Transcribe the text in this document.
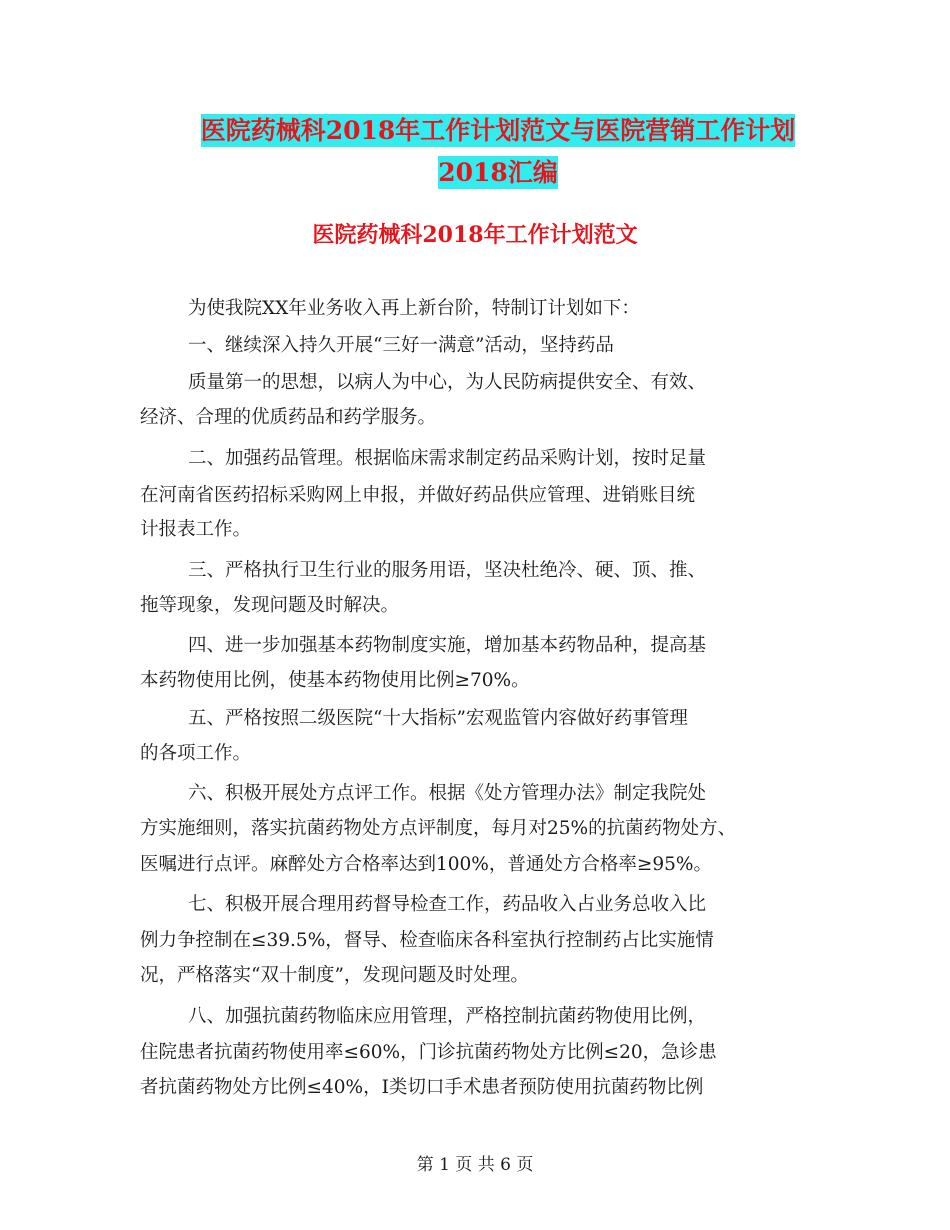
医院药械科2018年工作计划范文与医院营销工作计划
2018汇编
医院药械科2018年工作计划范文
为使我院XX年业务收入再上新台阶，特制订计划如下：
一、继续深入持久开展“三好一满意”活动，坚持药品
质量第一的思想，以病人为中心，为人民防病提供安全、有效、
经济、合理的优质药品和药学服务。
二、加强药品管理。根据临床需求制定药品采购计划，按时足量
在河南省医药招标采购网上申报，并做好药品供应管理、进销账目统
计报表工作。
三、严格执行卫生行业的服务用语，坚决杜绝冷、硬、顶、推、
拖等现象，发现问题及时解决。
四、进一步加强基本药物制度实施，增加基本药物品种，提高基
本药物使用比例，使基本药物使用比例≥70%。
五、严格按照二级医院“十大指标”宏观监管内容做好药事管理
的各项工作。
六、积极开展处方点评工作。根据《处方管理办法》制定我院处
方实施细则，落实抗菌药物处方点评制度，每月对25%的抗菌药物处方、
医嘱进行点评。麻醉处方合格率达到100%，普通处方合格率≥95%。
七、积极开展合理用药督导检查工作，药品收入占业务总收入比
例力争控制在≤39.5%，督导、检查临床各科室执行控制药占比实施情
况，严格落实“双十制度”，发现问题及时处理。
八、加强抗菌药物临床应用管理，严格控制抗菌药物使用比例，
住院患者抗菌药物使用率≤60%，门诊抗菌药物处方比例≤20，急诊患
者抗菌药物处方比例≤40%，Ⅰ类切口手术患者预防使用抗菌药物比例
第 1 页 共 6 页
